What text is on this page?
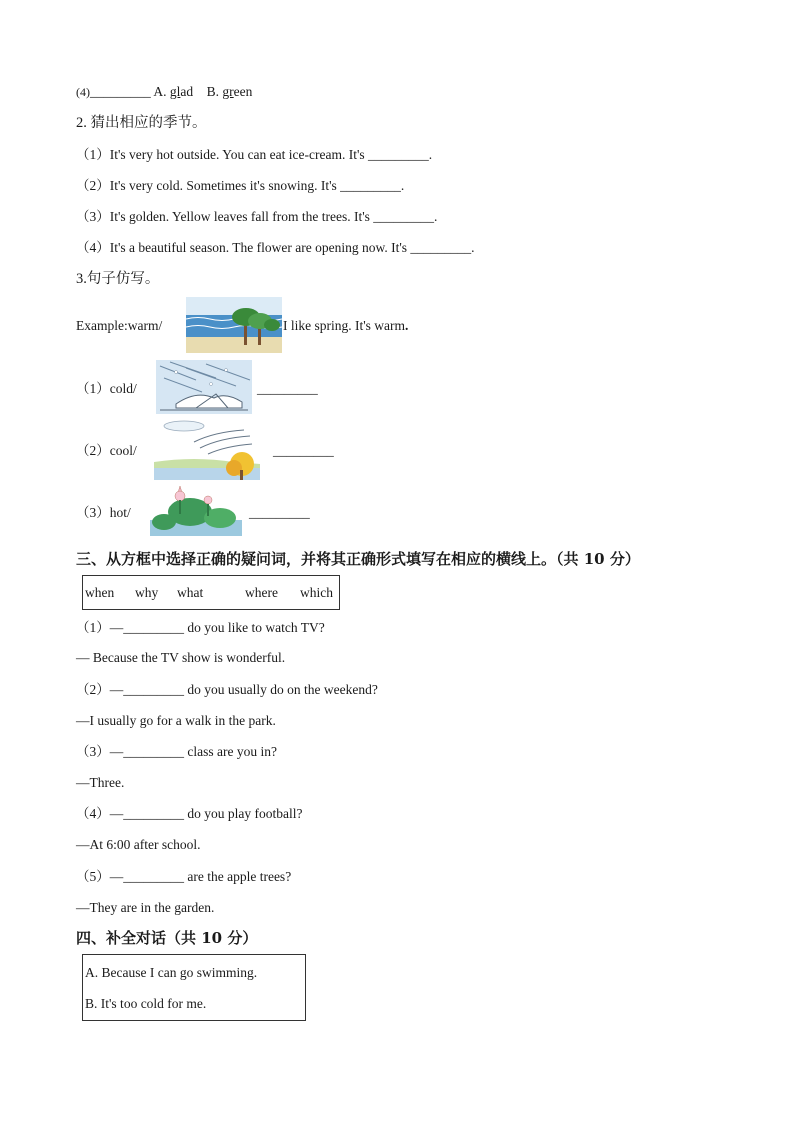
(4)_________ A. glad B. green
2. 猜出相应的季节。
（1）It's very hot outside. You can eat ice-cream. It's _________.
（2）It's very cold. Sometimes it's snowing. It's _________.
（3）It's golden. Yellow leaves fall from the trees. It's _________.
（4）It's a beautiful season. The flower are opening now. It's _________.
3.句子仿写。
Example:warm/	I like spring. It's warm.
（1）cold/	_________
（2）cool/	_________
（3）hot/	_________
三、从方框中选择正确的疑问词，并将其正确形式填写在相应的横线上。（共 10 分）
when why what	where which
（1）—_________ do you like to watch TV?
— Because the TV show is wonderful.
（2）—_________ do you usually do on the weekend?
—I usually go for a walk in the park.
（3）—_________ class are you in?
—Three.
（4）—_________ do you play football?
—At 6:00 after school.
（5）—_________ are the apple trees?
—They are in the garden.
四、补全对话（共 10 分）
A. Because I can go swimming.
B. It's too cold for me.
